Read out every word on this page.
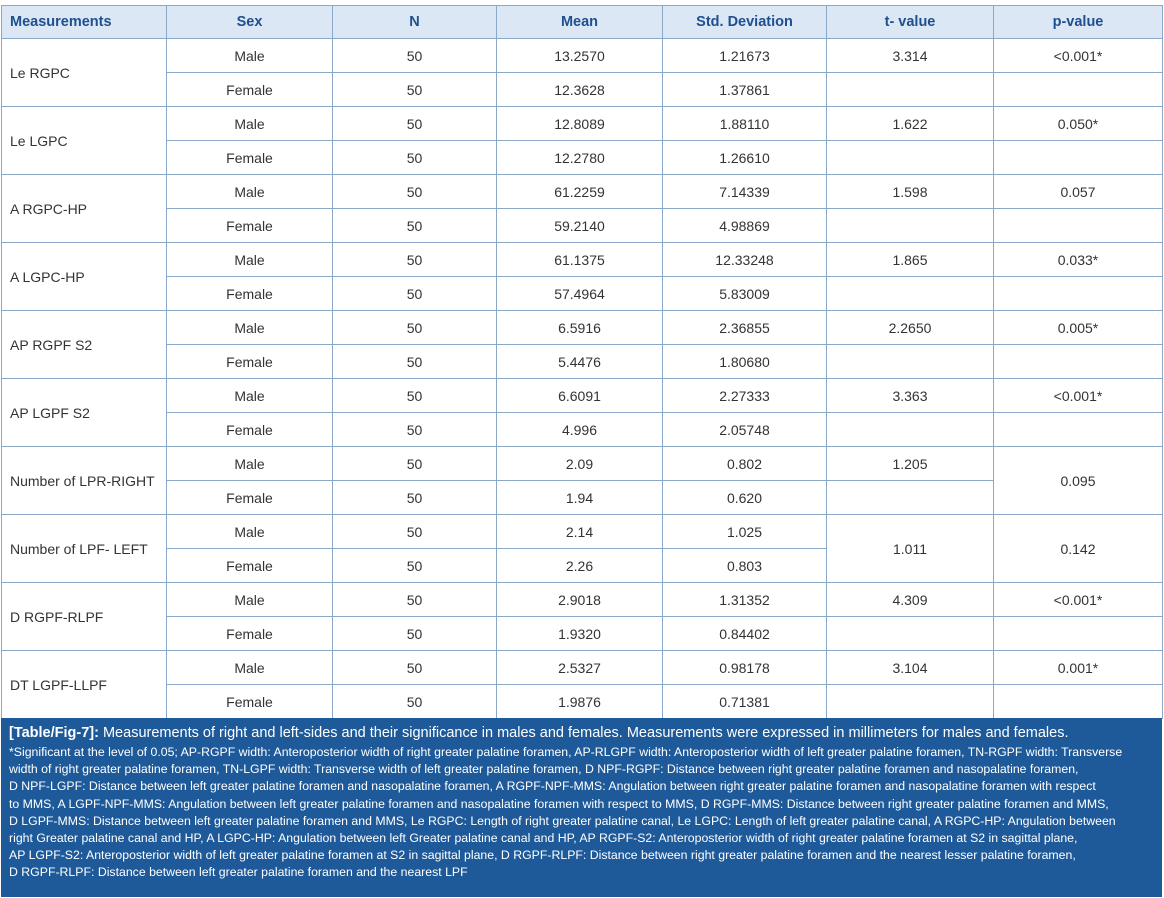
Measurements	Sex	N	Mean	Std. Deviation	t- value	p-value
Le RGPC	Male	50	13.2570	1.21673	3.314	<0.001*
	Female	50	12.3628	1.37861		
Le LGPC	Male	50	12.8089	1.88110	1.622	0.050*
	Female	50	12.2780	1.26610		
A RGPC-HP	Male	50	61.2259	7.14339	1.598	0.057
	Female	50	59.2140	4.98869		
A LGPC-HP	Male	50	61.1375	12.33248	1.865	0.033*
	Female	50	57.4964	5.83009		
AP RGPF S2	Male	50	6.5916	2.36855	2.2650	0.005*
	Female	50	5.4476	1.80680		
AP LGPF S2	Male	50	6.6091	2.27333	3.363	<0.001*
	Female	50	4.996	2.05748		
Number of LPR-RIGHT	Male	50	2.09	0.802	1.205	0.095
	Female	50	1.94	0.620		
Number of LPF- LEFT	Male	50	2.14	1.025	1.011	0.142
	Female	50	2.26	0.803		
D RGPF-RLPF	Male	50	2.9018	1.31352	4.309	<0.001*
	Female	50	1.9320	0.84402		
DT LGPF-LLPF	Male	50	2.5327	0.98178	3.104	0.001*
	Female	50	1.9876	0.71381		
[Table/Fig-7]: Measurements of right and left-sides and their significance in males and females. Measurements were expressed in millimeters for males and females.
*Significant at the level of 0.05; AP-RGPF width: Anteroposterior width of right greater palatine foramen, AP-RLGPF width: Anteroposterior width of left greater palatine foramen, TN-RGPF width: Transverse
width of right greater palatine foramen, TN-LGPF width: Transverse width of left greater palatine foramen, D NPF-RGPF: Distance between right greater palatine foramen and nasopalatine foramen,
D NPF-LGPF: Distance between left greater palatine foramen and nasopalatine foramen, A RGPF-NPF-MMS: Angulation between right greater palatine foramen and nasopalatine foramen with respect
to MMS, A LGPF-NPF-MMS: Angulation between left greater palatine foramen and nasopalatine foramen with respect to MMS, D RGPF-MMS: Distance between right greater palatine foramen and MMS,
D LGPF-MMS: Distance between left greater palatine foramen and MMS, Le RGPC: Length of right greater palatine canal, Le LGPC: Length of left greater palatine canal, A RGPC-HP: Angulation between
right Greater palatine canal and HP, A LGPC-HP: Angulation between left Greater palatine canal and HP, AP RGPF-S2: Anteroposterior width of right greater palatine foramen at S2 in sagittal plane,
AP LGPF-S2: Anteroposterior width of left greater palatine foramen at S2 in sagittal plane, D RGPF-RLPF: Distance between right greater palatine foramen and the nearest lesser palatine foramen,
D RGPF-RLPF: Distance between left greater palatine foramen and the nearest LPF
